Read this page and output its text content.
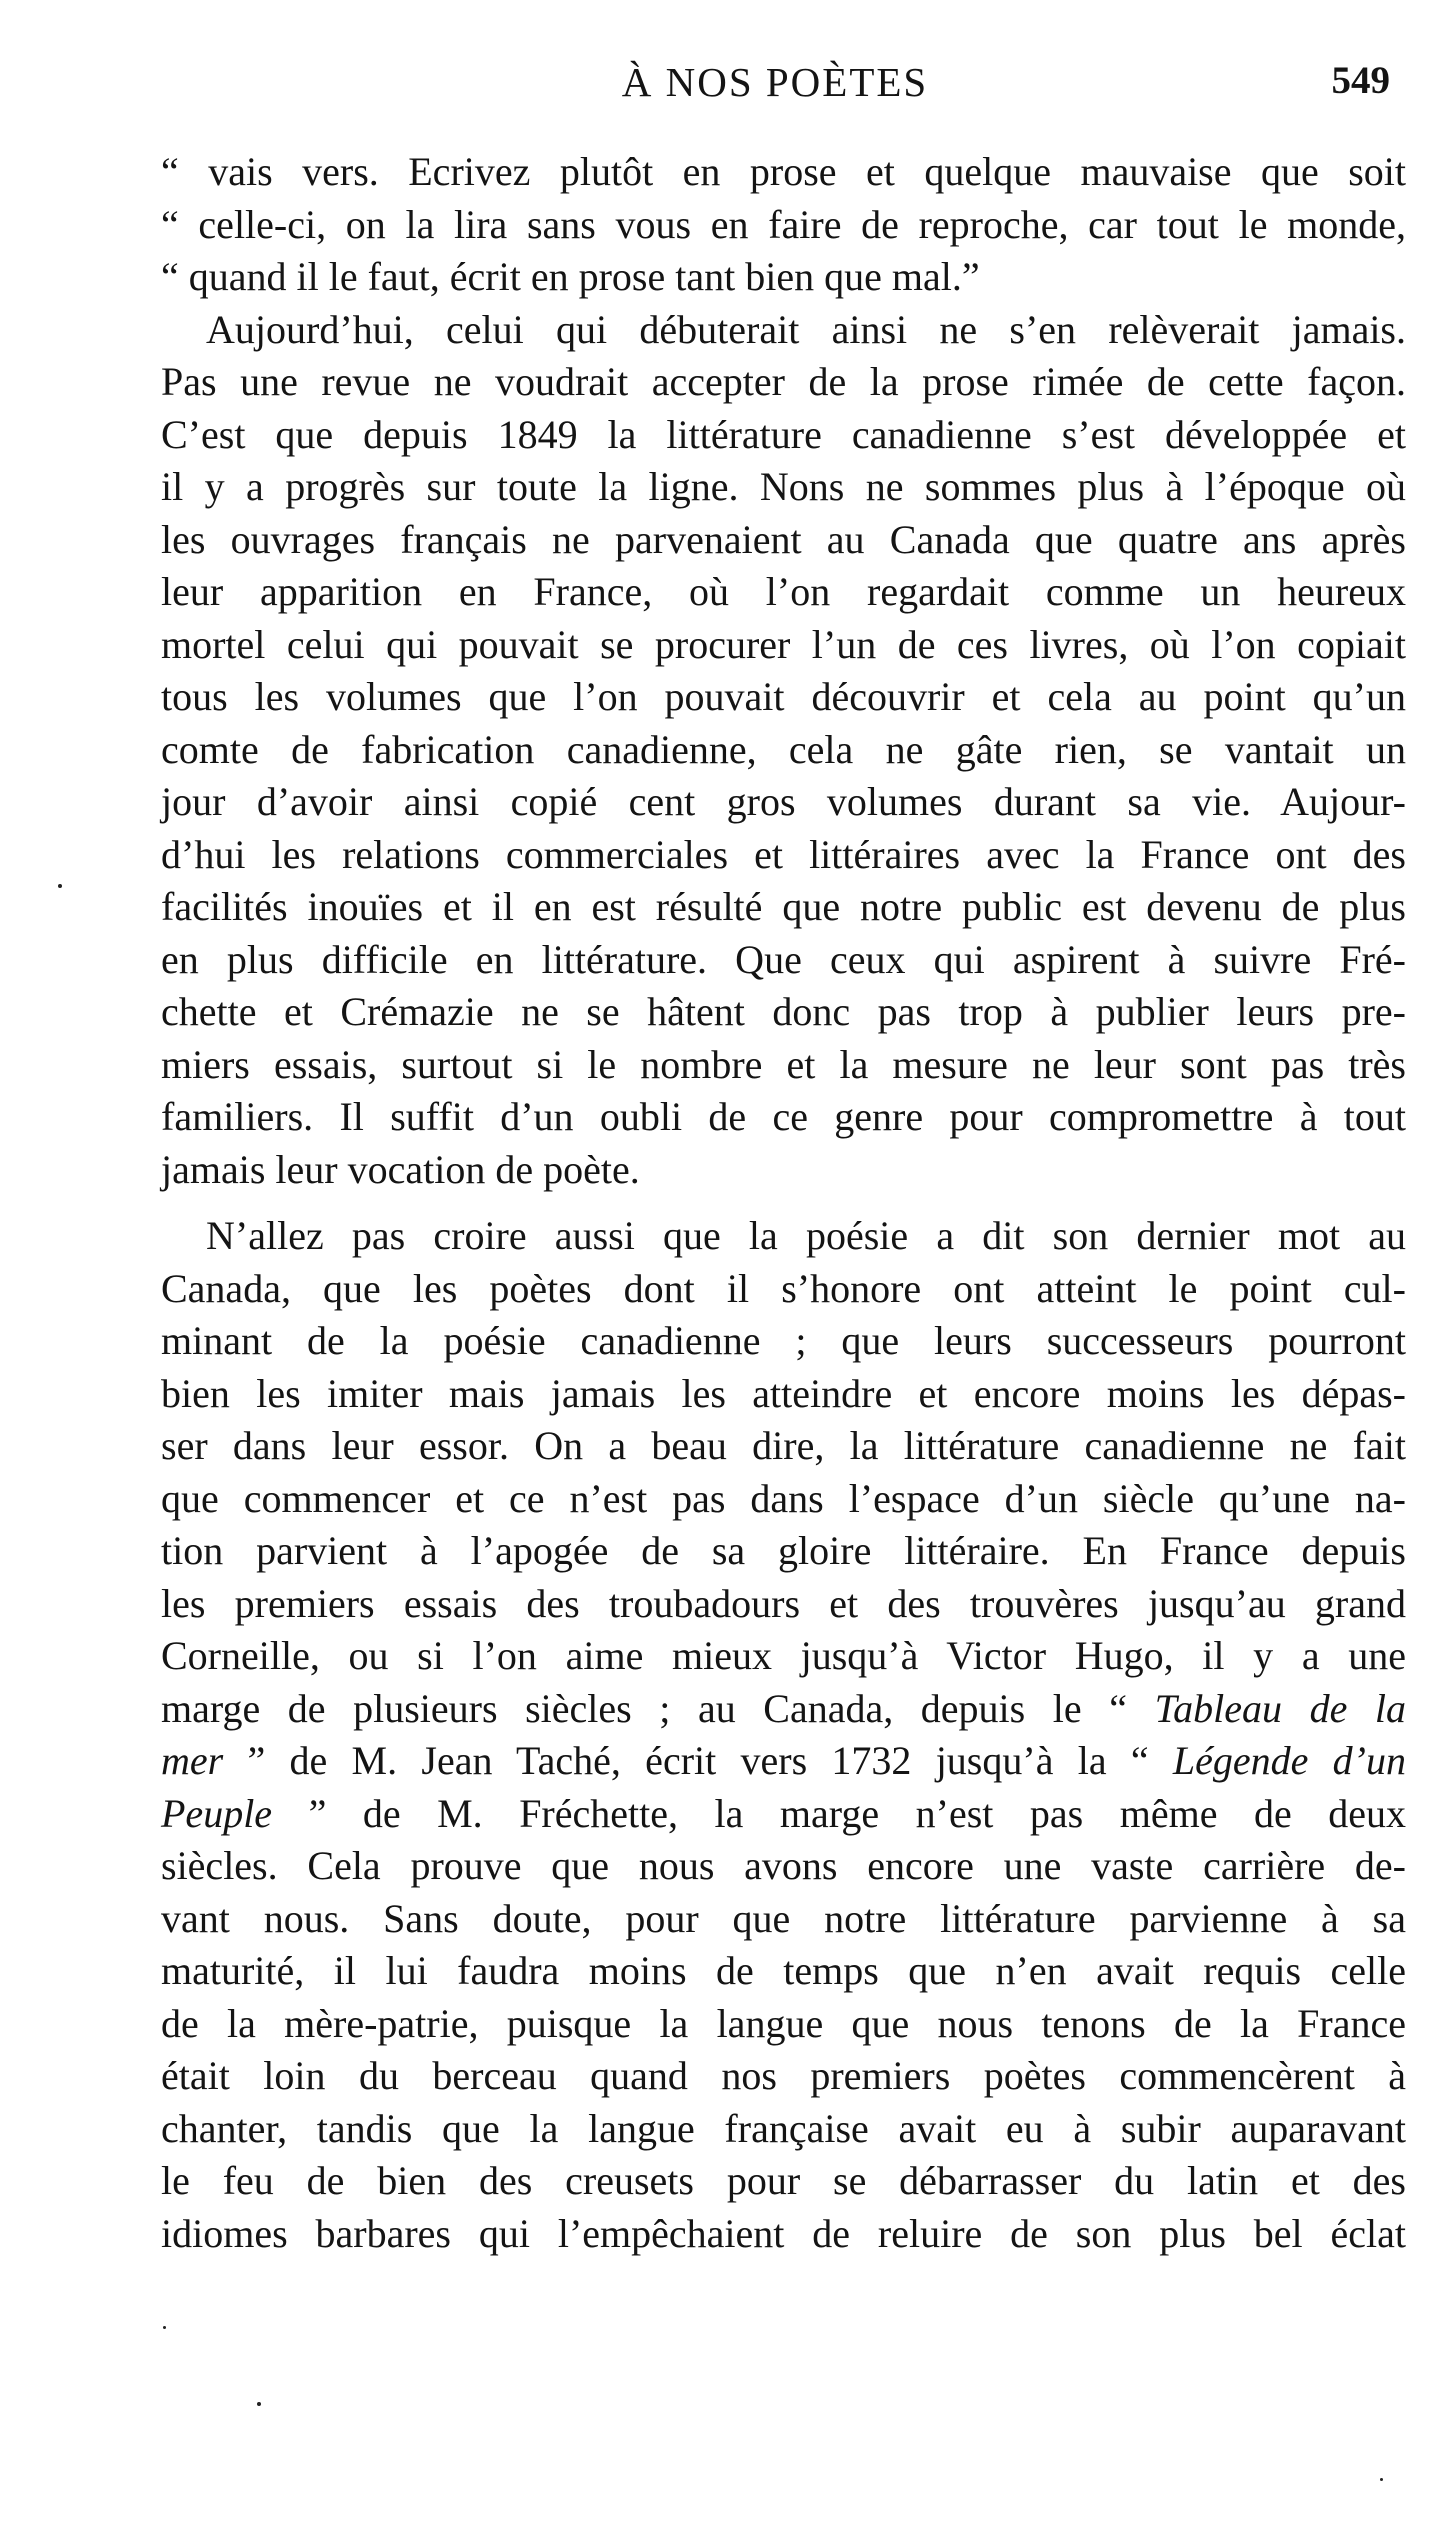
À NOS POÈTES	549
“ vais vers. Ecrivez plutôt en prose et quelque mauvaise que soit
“ celle-ci, on la lira sans vous en faire de reproche, car tout le monde,
“ quand il le faut, écrit en prose tant bien que mal.”
Aujourd’hui, celui qui débuterait ainsi ne s’en relèverait jamais.
Pas une revue ne voudrait accepter de la prose rimée de cette façon.
C’est que depuis 1849 la littérature canadienne s’est développée et
il y a progrès sur toute la ligne. Nons ne sommes plus à l’époque où
les ouvrages français ne parvenaient au Canada que quatre ans après
leur apparition en France, où l’on regardait comme un heureux
mortel celui qui pouvait se procurer l’un de ces livres, où l’on copiait
tous les volumes que l’on pouvait découvrir et cela au point qu’un
comte de fabrication canadienne, cela ne gâte rien, se vantait un
jour d’avoir ainsi copié cent gros volumes durant sa vie. Aujour-
d’hui les relations commerciales et littéraires avec la France ont des
facilités inouïes et il en est résulté que notre public est devenu de plus
en plus difficile en littérature. Que ceux qui aspirent à suivre Fré-
chette et Crémazie ne se hâtent donc pas trop à publier leurs pre-
miers essais, surtout si le nombre et la mesure ne leur sont pas très
familiers. Il suffit d’un oubli de ce genre pour compromettre à tout
jamais leur vocation de poète.
N’allez pas croire aussi que la poésie a dit son dernier mot au
Canada, que les poètes dont il s’honore ont atteint le point cul-
minant de la poésie canadienne ; que leurs successeurs pourront
bien les imiter mais jamais les atteindre et encore moins les dépas-
ser dans leur essor. On a beau dire, la littérature canadienne ne fait
que commencer et ce n’est pas dans l’espace d’un siècle qu’une na-
tion parvient à l’apogée de sa gloire littéraire. En France depuis
les premiers essais des troubadours et des trouvères jusqu’au grand
Corneille, ou si l’on aime mieux jusqu’à Victor Hugo, il y a une
marge de plusieurs siècles ; au Canada, depuis le “ Tableau de la
mer ” de M. Jean Taché, écrit vers 1732 jusqu’à la “ Légende d’un
Peuple ” de M. Fréchette, la marge n’est pas même de deux
siècles. Cela prouve que nous avons encore une vaste carrière de-
vant nous. Sans doute, pour que notre littérature parvienne à sa
maturité, il lui faudra moins de temps que n’en avait requis celle
de la mère-patrie, puisque la langue que nous tenons de la France
était loin du berceau quand nos premiers poètes commencèrent à
chanter, tandis que la langue française avait eu à subir auparavant
le feu de bien des creusets pour se débarrasser du latin et des
idiomes barbares qui l’empêchaient de reluire de son plus bel éclat
